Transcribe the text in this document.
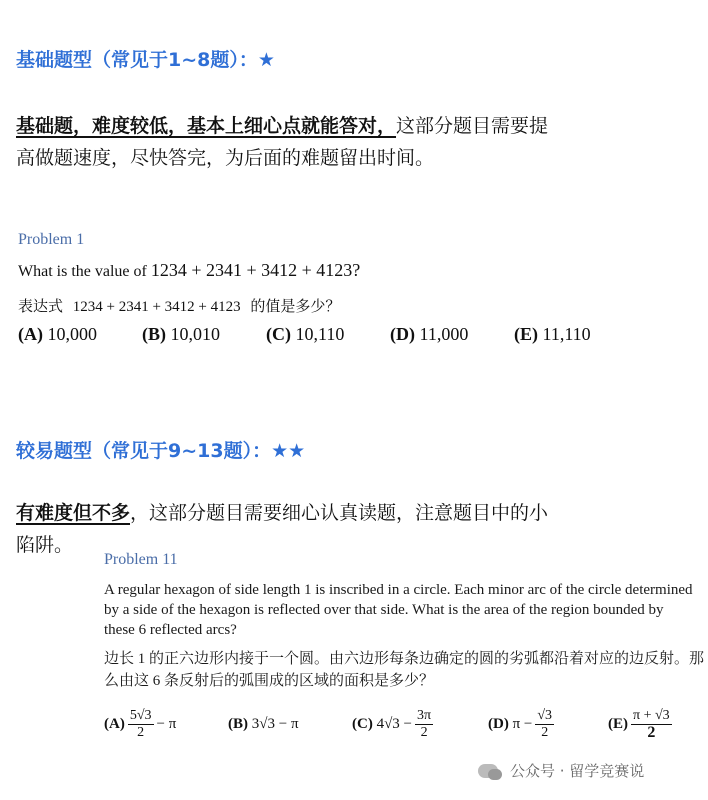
基础题型（常见于1~8题）：★
基础题，难度较低，基本上细心点就能答对，这部分题目需要提
高做题速度，尽快答完，为后面的难题留出时间。
Problem 1
What is the value of 1234 + 2341 + 3412 + 4123?
表达式 1234 + 2341 + 3412 + 4123 的值是多少？
(A) 10,000	(B) 10,010	(C) 10,110	(D) 11,000	(E) 11,110
较易题型（常见于9~13题）：★★
有难度但不多，这部分题目需要细心认真读题，注意题目中的小
陷阱。
Problem 11
A regular hexagon of side length 1 is inscribed in a circle. Each minor arc of the circle determined
by a side of the hexagon is reflected over that side. What is the area of the region bounded by
these 6 reflected arcs?
边长 1 的正六边形内接于一个圆。由六边形每条边确定的圆的劣弧都沿着对应的边反射。那
么由这 6 条反射后的弧围成的区域的面积是多少？
$(A) \frac{5√3}{2} - \pi$	(B) 3√3 − π	(C)
$4√3 - \frac{3\pi}{2}$	(D)
$\pi - \frac{√3}{2}$	$(E) \frac{\pi + √3}{2}$
公众号 · 留学竞赛说
